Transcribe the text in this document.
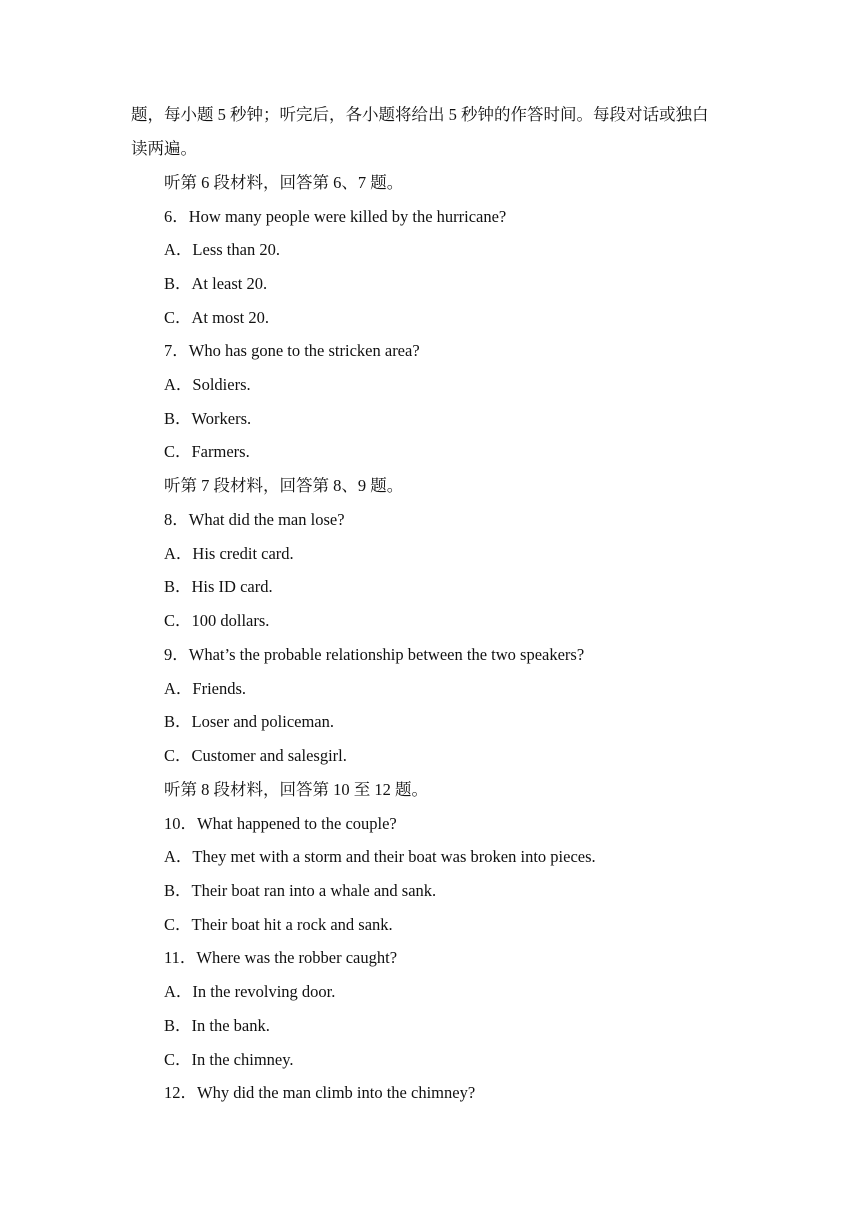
题，每小题 5 秒钟；听完后，各小题将给出 5 秒钟的作答时间。每段对话或独白
读两遍。
听第 6 段材料，回答第 6、7 题。
6．How many people were killed by the hurricane?
A．Less than 20.
B．At least 20.
C．At most 20.
7．Who has gone to the stricken area?
A．Soldiers.
B．Workers.
C．Farmers.
听第 7 段材料，回答第 8、9 题。
8．What did the man lose?
A．His credit card.
B．His ID card.
C．100 dollars.
9．What’s the probable relationship between the two speakers?
A．Friends.
B．Loser and policeman.
C．Customer and salesgirl.
听第 8 段材料，回答第 10 至 12 题。
10．What happened to the couple?
A．They met with a storm and their boat was broken into pieces.
B．Their boat ran into a whale and sank.
C．Their boat hit a rock and sank.
11．Where was the robber caught?
A．In the revolving door.
B．In the bank.
C．In the chimney.
12．Why did the man climb into the chimney?
